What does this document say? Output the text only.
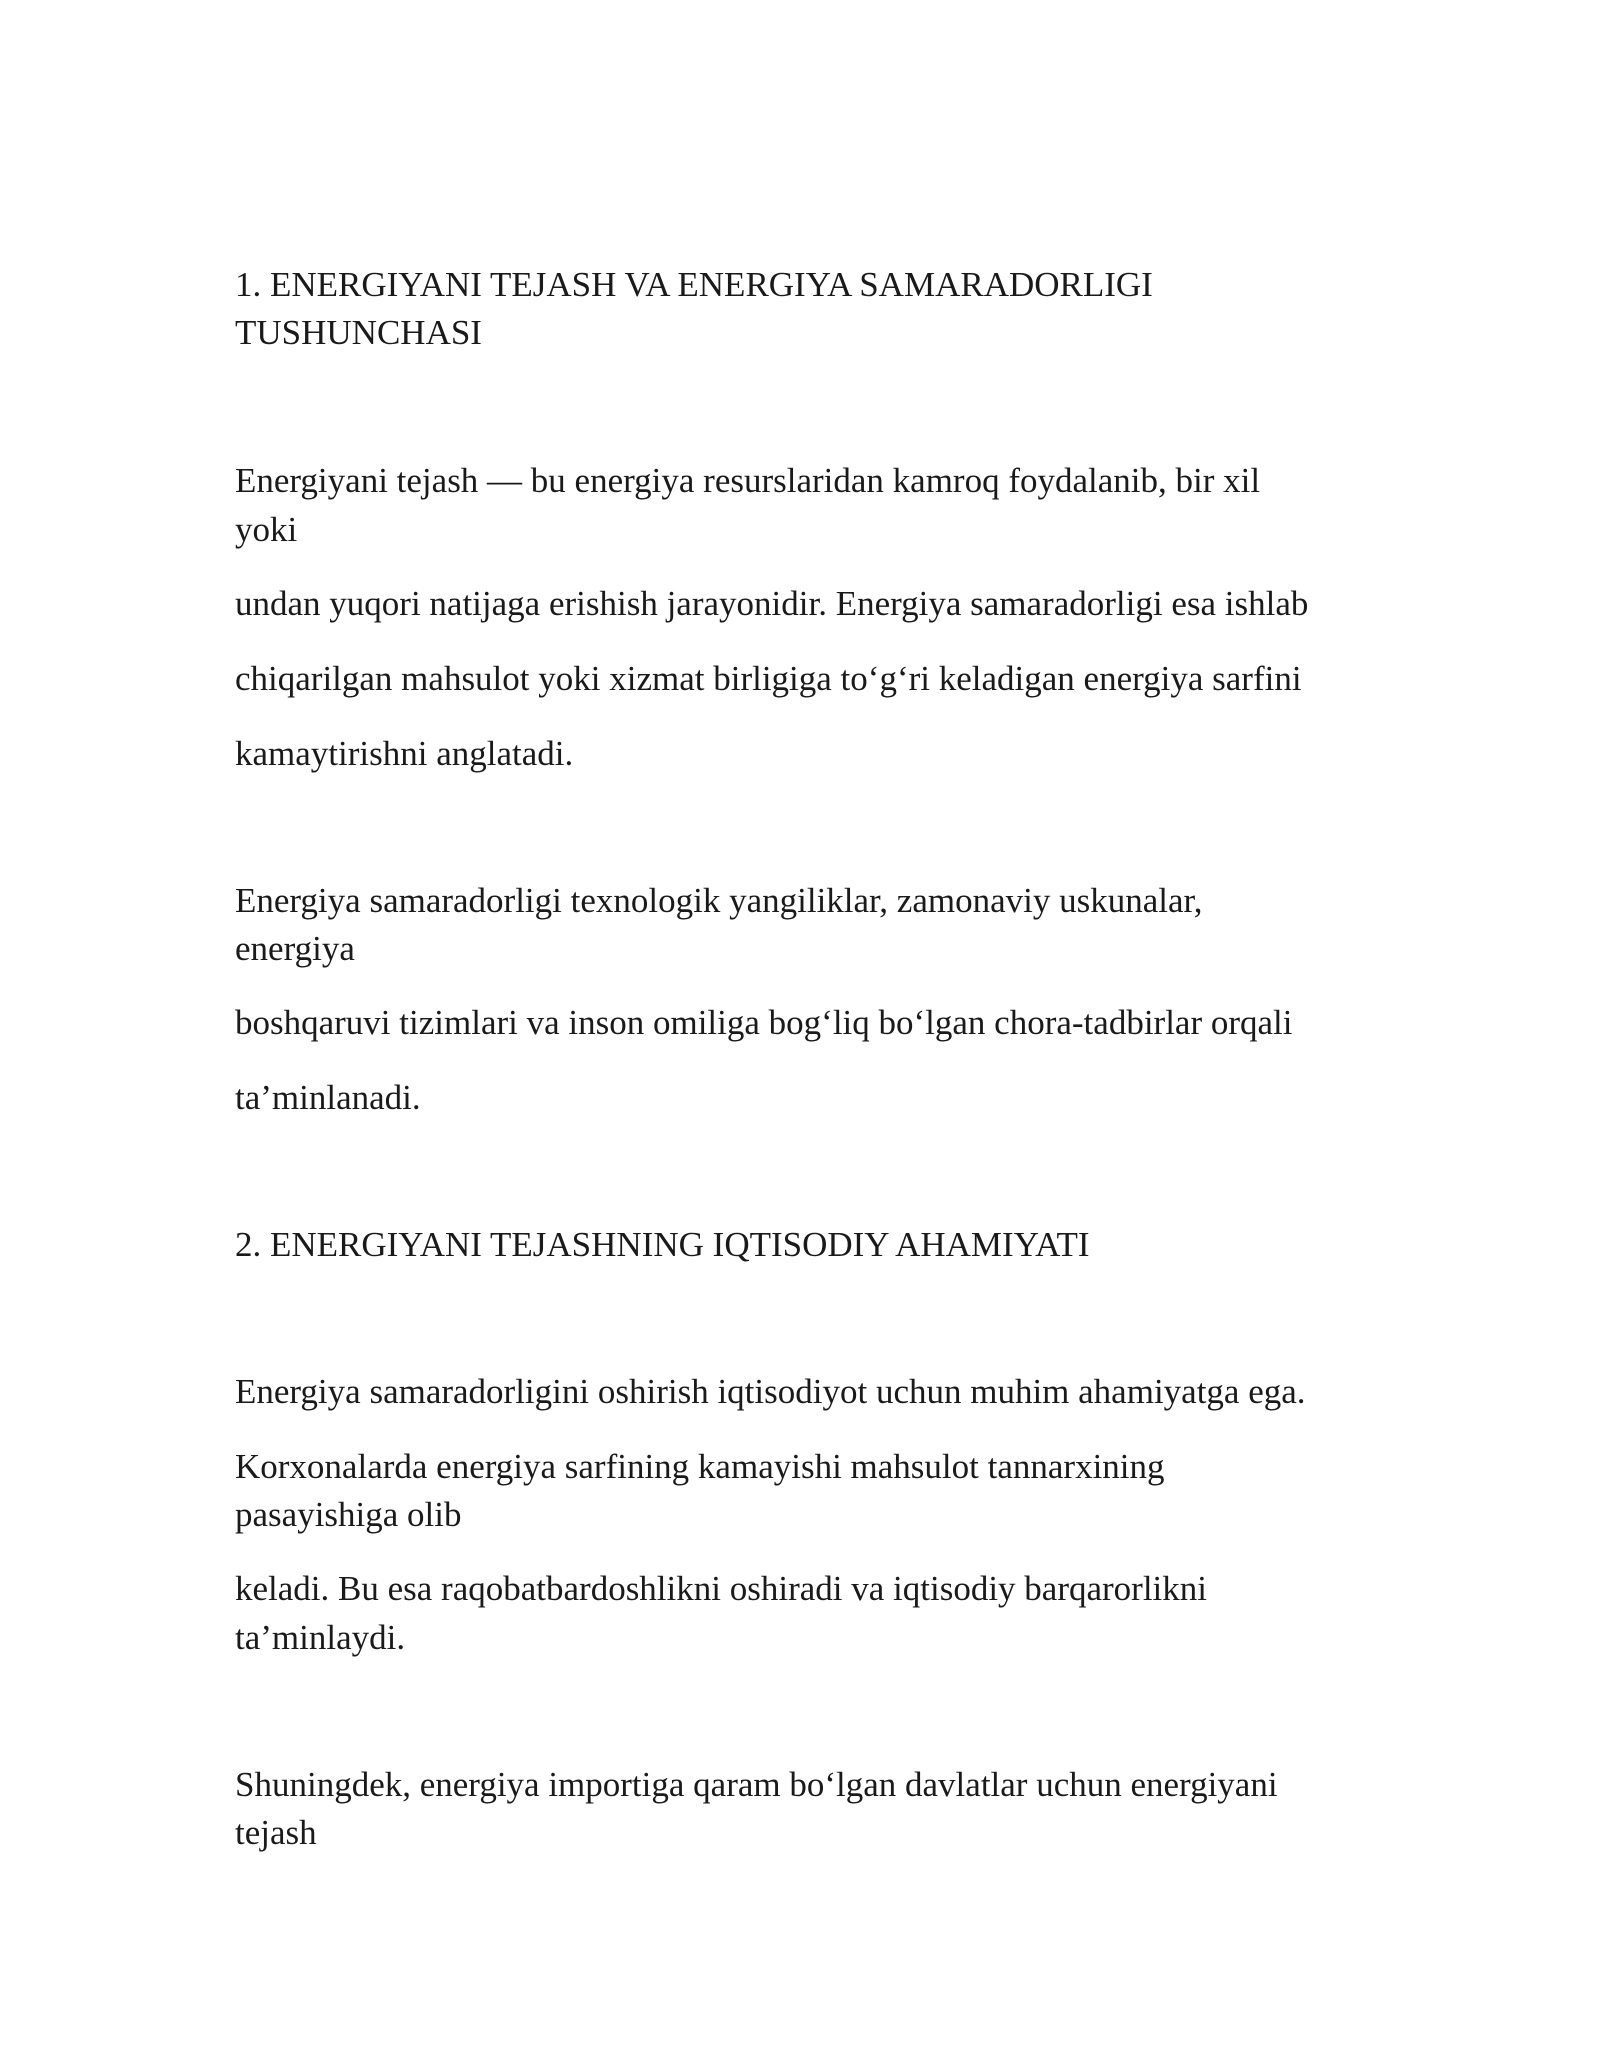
1. ENERGIYANI TEJASH VA ENERGIYA SAMARADORLIGI
TUSHUNCHASI

Energiyani tejash — bu energiya resurslaridan kamroq foydalanib, bir xil

yoki

undan yuqori natijaga erishish jarayonidir. Energiya samaradorligi esa ishlab

chiqarilgan mahsulot yoki xizmat birligiga to‘g‘ri keladigan energiya sarfini

kamaytirishni anglatadi.

Energiya samaradorligi texnologik yangiliklar, zamonaviy uskunalar,

energiya

boshqaruvi tizimlari va inson omiliga bog‘liq bo‘lgan chora-tadbirlar orqali

ta’minlanadi.

2. ENERGIYANI TEJASHNING IQTISODIY AHAMIYATI

Energiya samaradorligini oshirish iqtisodiyot uchun muhim ahamiyatga ega.

Korxonalarda energiya sarfining kamayishi mahsulot tannarxining

pasayishiga olib

keladi. Bu esa raqobatbardoshlikni oshiradi va iqtisodiy barqarorlikni

ta’minlaydi.

Shuningdek, energiya importiga qaram bo‘lgan davlatlar uchun energiyani

tejash
